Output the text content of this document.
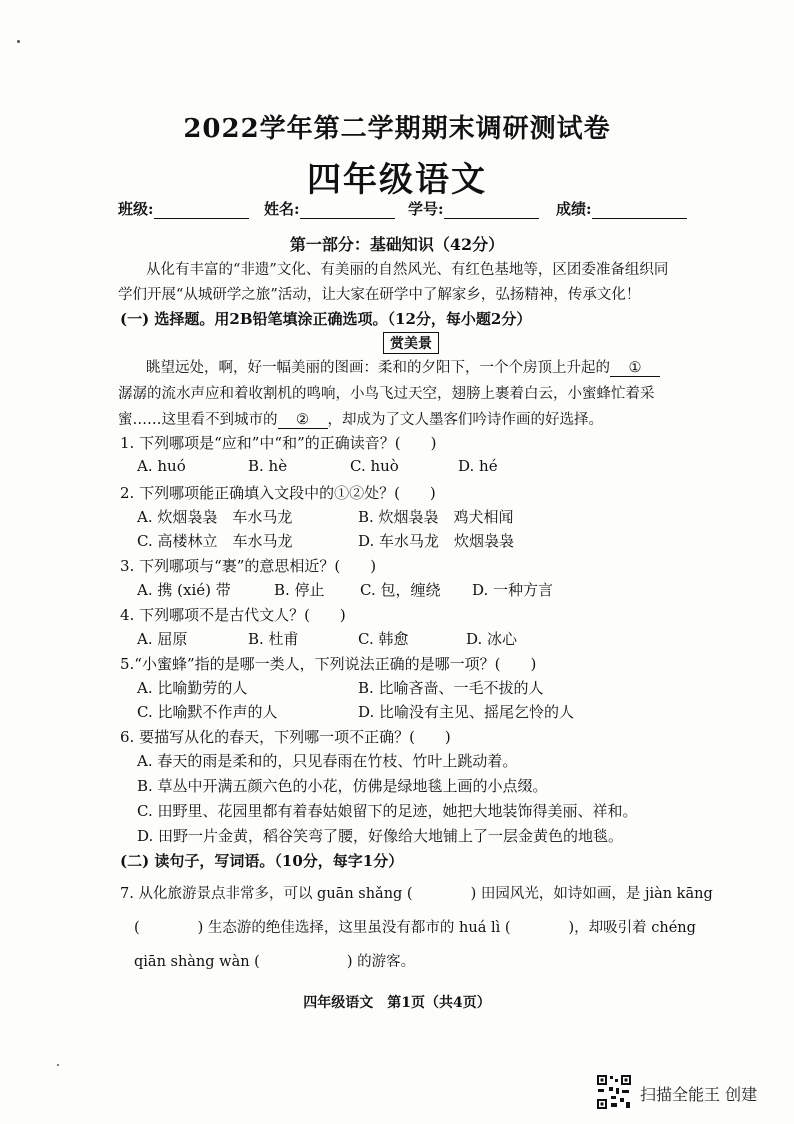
2022学年第二学期期末调研测试卷
四年级语文
班级:	姓名:	学号:	成绩:
第一部分：基础知识（42分）
从化有丰富的“非遗”文化、有美丽的自然风光、有红色基地等，区团委准备组织同
学们开展“从城研学之旅”活动，让大家在研学中了解家乡，弘扬精神，传承文化！
(一) 选择题。用2B铅笔填涂正确选项。（12分，每小题2分）
赏美景
眺望远处，啊，好一幅美丽的图画：柔和的夕阳下，一个个房顶上升起的 ①
潺潺的流水声应和着收割机的鸣响，小鸟飞过天空，翅膀上裹着白云，小蜜蜂忙着采
蜜……这里看不到城市的 ② ，却成为了文人墨客们吟诗作画的好选择。
1. 下列哪项是“应和”中“和”的正确读音？(　　)
A. huó	B. hè	C. huò	D. hé
2. 下列哪项能正确填入文段中的①②处？(　　)
A. 炊烟袅袅　车水马龙	B. 炊烟袅袅　鸡犬相闻
C. 高楼林立　车水马龙	D. 车水马龙　炊烟袅袅
3. 下列哪项与“裹”的意思相近？(　　)
A. 携 (xié) 带	B. 停止 C. 包，缠绕 D. 一种方言
4. 下列哪项不是古代文人？(　　)
A. 屈原	B. 杜甫	C. 韩愈	D. 冰心
5.“小蜜蜂”指的是哪一类人，下列说法正确的是哪一项？(　　)
A. 比喻勤劳的人	B. 比喻吝啬、一毛不拔的人
C. 比喻默不作声的人	D. 比喻没有主见、摇尾乞怜的人
6. 要描写从化的春天，下列哪一项不正确？(　　)
A. 春天的雨是柔和的，只见春雨在竹枝、竹叶上跳动着。
B. 草丛中开满五颜六色的小花，仿佛是绿地毯上画的小点缀。
C. 田野里、花园里都有着春姑娘留下的足迹，她把大地装饰得美丽、祥和。
D. 田野一片金黄，稻谷笑弯了腰，好像给大地铺上了一层金黄色的地毯。
(二) 读句子，写词语。（10分，每字1分）
7. 从化旅游景点非常多，可以 guān shǎng (　　　　) 田园风光，如诗如画，是 jiàn kāng
(　　　　) 生态游的绝佳选择，这里虽没有都市的 huá lì (　　　　)，却吸引着 chéng
qiān shàng wàn (　　　　　　) 的游客。
四年级语文　第1页（共4页）
扫描全能王 创建
